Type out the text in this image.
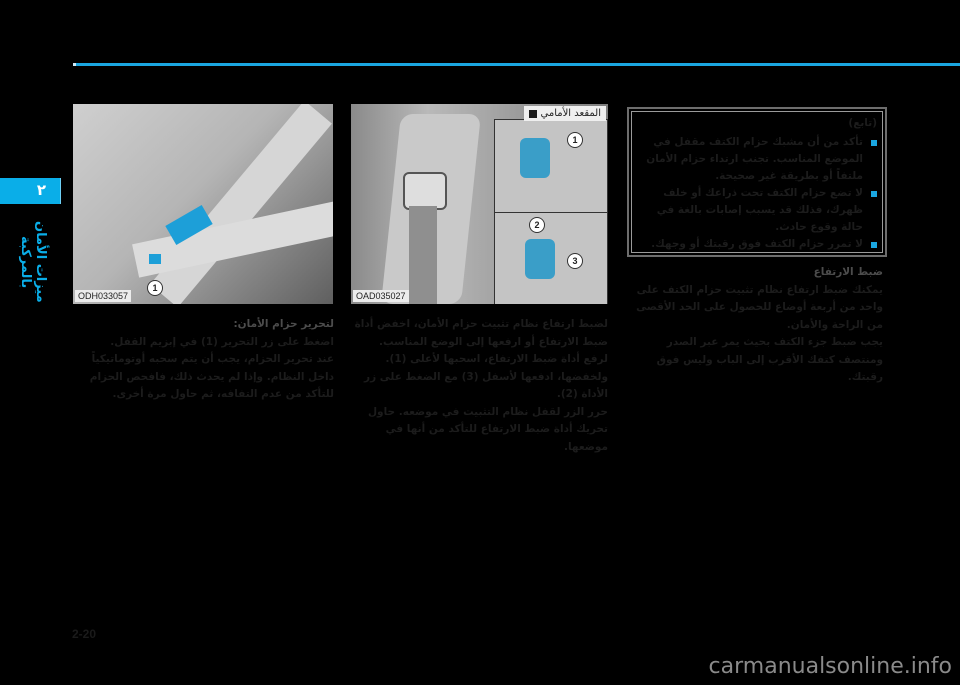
٢
ميزات الأمان بالمركبة	1
ODH033057
1
2
3
المقعد الأمامي
OAD035027
(تابع)
تأكد من أن مشبك حزام الكتف مقفل في الموضع المناسب. تجنب ارتداء حزام الأمان ملتفاً أو بطريقة غير صحيحة.
لا تضع حزام الكتف تحت ذراعك أو خلف ظهرك، فذلك قد يسبب إصابات بالغة في حالة وقوع حادث.
لا تمرر حزام الكتف فوق رقبتك أو وجهك.
ضبط الارتفاع
يمكنك ضبط ارتفاع نظام تثبيت حزام الكتف على واحد من أربعة أوضاع للحصول على الحد الأقصى من الراحة والأمان.
يجب ضبط جزء الكتف بحيث يمر عبر الصدر ومنتصف كتفك الأقرب إلى الباب وليس فوق رقبتك.
لضبط ارتفاع نظام تثبيت حزام الأمان، اخفض أداة ضبط الارتفاع أو ارفعها إلى الوضع المناسب.
لرفع أداة ضبط الارتفاع، اسحبها لأعلى (1).
ولخفضها، ادفعها لأسفل (3) مع الضغط على زر الأداة (2).
حرر الزر لقفل نظام التثبيت في موضعه. حاول تحريك أداة ضبط الارتفاع للتأكد من أنها في موضعها.
لتحرير حزام الأمان:
اضغط على زر التحرير (1) في إبزيم القفل.
عند تحرير الحزام، يجب أن يتم سحبه أوتوماتيكياً داخل النظام. وإذا لم يحدث ذلك، فافحص الحزام للتأكد من عدم التفافه، ثم حاول مرة أخرى.
2-20
carmanualsonline.info
